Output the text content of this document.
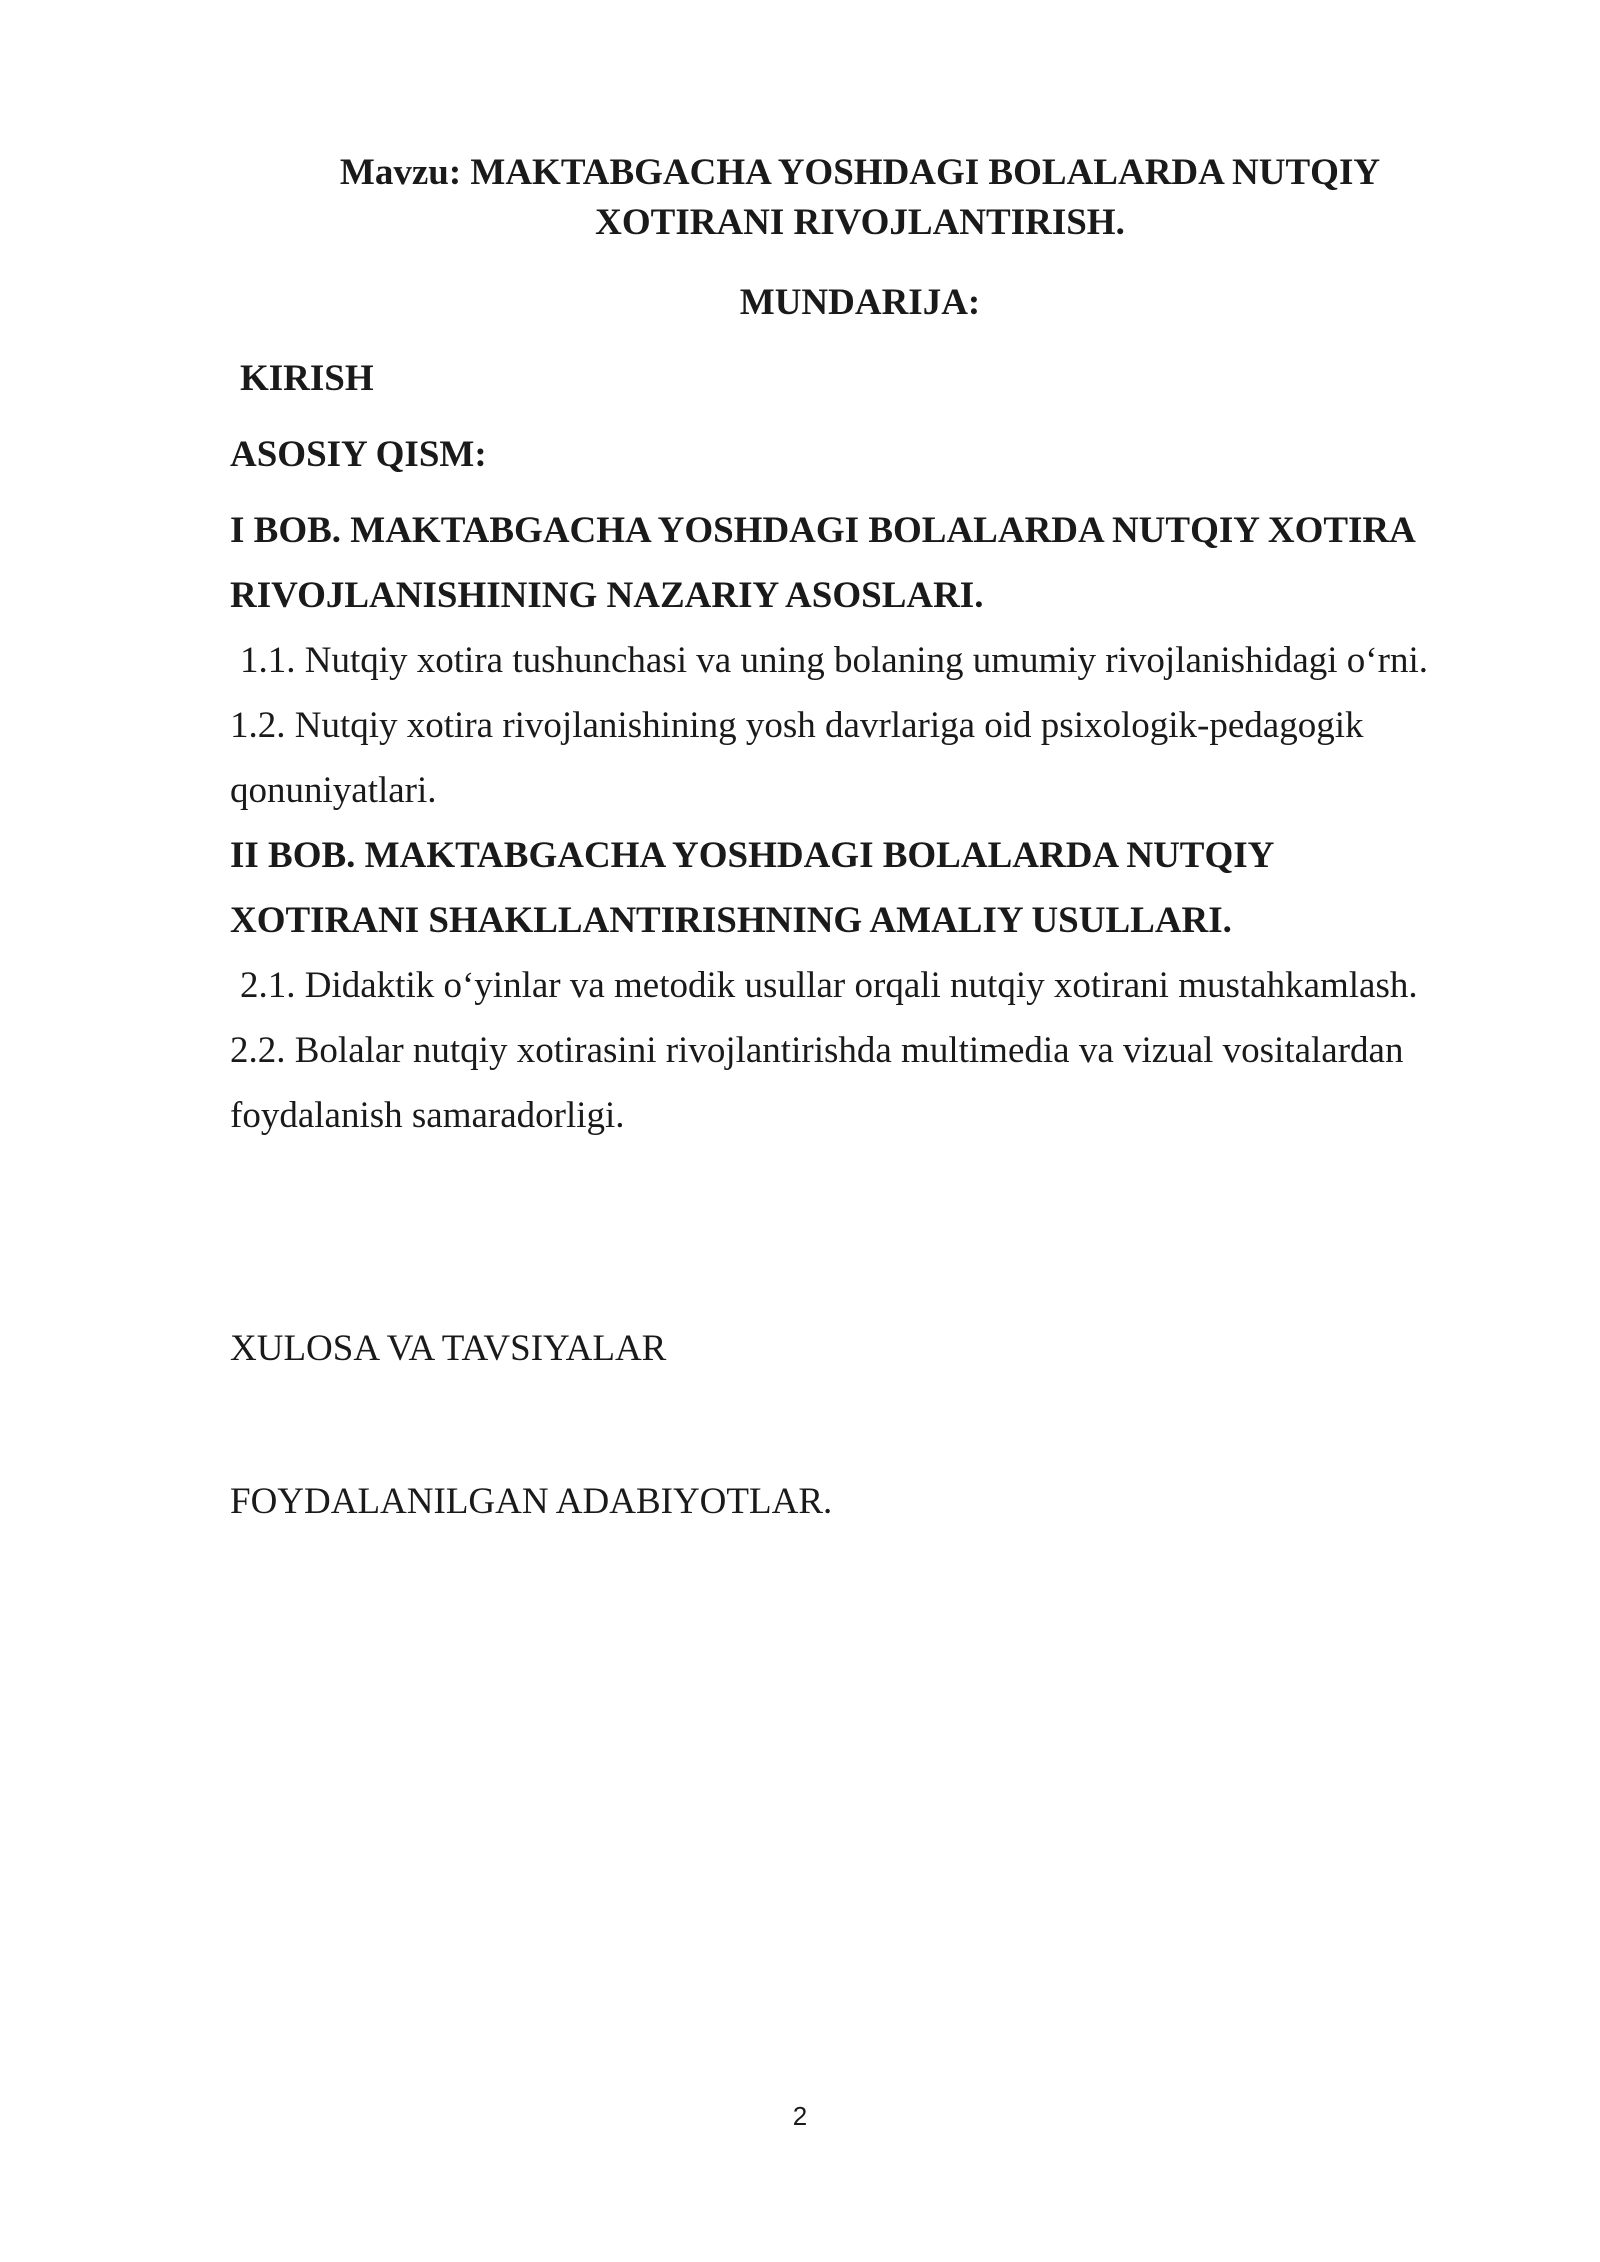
Mavzu: MAKTABGACHA YOSHDAGI BOLALARDA NUTQIY
XOTIRANI RIVOJLANTIRISH.
MUNDARIJA:
KIRISH
ASOSIY QISM:
I BOB. MAKTABGACHA YOSHDAGI BOLALARDA NUTQIY XOTIRA
RIVOJLANISHINING NAZARIY ASOSLARI.
1.1. Nutqiy xotira tushunchasi va uning bolaning umumiy rivojlanishidagi o‘rni.
1.2. Nutqiy xotira rivojlanishining yosh davrlariga oid psixologik-pedagogik
qonuniyatlari.
II BOB. MAKTABGACHA YOSHDAGI BOLALARDA NUTQIY
XOTIRANI SHAKLLANTIRISHNING AMALIY USULLARI.
2.1. Didaktik o‘yinlar va metodik usullar orqali nutqiy xotirani mustahkamlash.
2.2. Bolalar nutqiy xotirasini rivojlantirishda multimedia va vizual vositalardan
foydalanish samaradorligi.
XULOSA VA TAVSIYALAR
FOYDALANILGAN ADABIYOTLAR.
2
